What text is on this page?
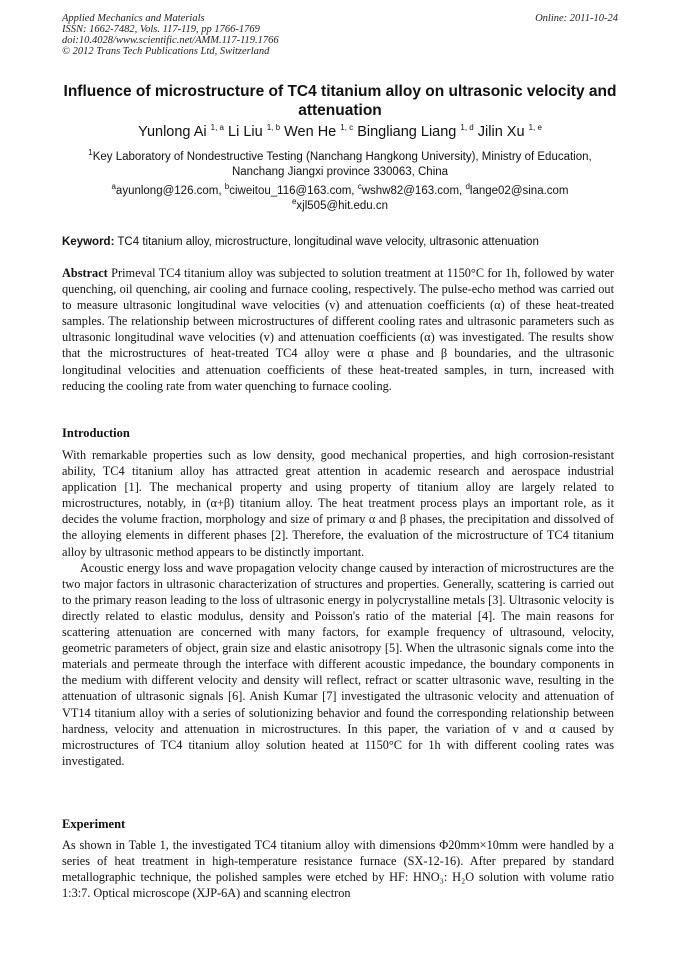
Applied Mechanics and Materials
ISSN: 1662-7482, Vols. 117-119, pp 1766-1769
doi:10.4028/www.scientific.net/AMM.117-119.1766
© 2012 Trans Tech Publications Ltd, Switzerland
Online: 2011-10-24
Influence of microstructure of TC4 titanium alloy on ultrasonic velocity and attenuation
Yunlong Ai $^{1, a}$ Li Liu $^{1, b}$ Wen He $^{1, c}$ Bingliang Liang $^{1, d}$ Jilin Xu $^{1, e}$
$^1$Key Laboratory of Nondestructive Testing (Nanchang Hangkong University), Ministry of Education,
Nanchang Jiangxi province 330063, China
$^a$ayunlong@126.com, $^b$ciweitou_116@163.com, $^c$wshw82@163.com, $^d$lange02@sina.com
$^e$xjl505@hit.edu.cn
Keyword: TC4 titanium alloy, microstructure, longitudinal wave velocity, ultrasonic attenuation

Abstract Primeval TC4 titanium alloy was subjected to solution treatment at 1150°C for 1h, followed by water quenching, oil quenching, air cooling and furnace cooling, respectively. The pulse-echo method was carried out to measure ultrasonic longitudinal wave velocities (v) and attenuation coefficients (α) of these heat-treated samples. The relationship between microstructures of different cooling rates and ultrasonic parameters such as ultrasonic longitudinal wave velocities (v) and attenuation coefficients (α) was investigated. The results show that the microstructures of heat-treated TC4 alloy were α phase and β boundaries, and the ultrasonic longitudinal velocities and attenuation coefficients of these heat-treated samples, in turn, increased with reducing the cooling rate from water quenching to furnace cooling.

Introduction

With remarkable properties such as low density, good mechanical properties, and high corrosion-resistant ability, TC4 titanium alloy has attracted great attention in academic research and aerospace industrial application [1]. The mechanical property and using property of titanium alloy are largely related to microstructures, notably, in (α+β) titanium alloy. The heat treatment process plays an important role, as it decides the volume fraction, morphology and size of primary α and β phases, the precipitation and dissolved of the alloying elements in different phases [2]. Therefore, the evaluation of the microstructure of TC4 titanium alloy by ultrasonic method appears to be distinctly important.

Acoustic energy loss and wave propagation velocity change caused by interaction of microstructures are the two major factors in ultrasonic characterization of structures and properties. Generally, scattering is carried out to the primary reason leading to the loss of ultrasonic energy in polycrystalline metals [3]. Ultrasonic velocity is directly related to elastic modulus, density and Poisson's ratio of the material [4]. The main reasons for scattering attenuation are concerned with many factors, for example frequency of ultrasound, velocity, geometric parameters of object, grain size and elastic anisotropy [5]. When the ultrasonic signals come into the materials and permeate through the interface with different acoustic impedance, the boundary components in the medium with different velocity and density will reflect, refract or scatter ultrasonic wave, resulting in the attenuation of ultrasonic signals [6]. Anish Kumar [7] investigated the ultrasonic velocity and attenuation of VT14 titanium alloy with a series of solutionizing behavior and found the corresponding relationship between hardness, velocity and attenuation in microstructures. In this paper, the variation of v and α caused by microstructures of TC4 titanium alloy solution heated at 1150°C for 1h with different cooling rates was investigated.

Experiment

As shown in Table 1, the investigated TC4 titanium alloy with dimensions Φ20mm×10mm were handled by a series of heat treatment in high-temperature resistance furnace (SX-12-16). After prepared by standard metallographic technique, the polished samples were etched by HF: HNO₃: H₂O solution with volume ratio 1:3:7. Optical microscope (XJP-6A) and scanning electron
